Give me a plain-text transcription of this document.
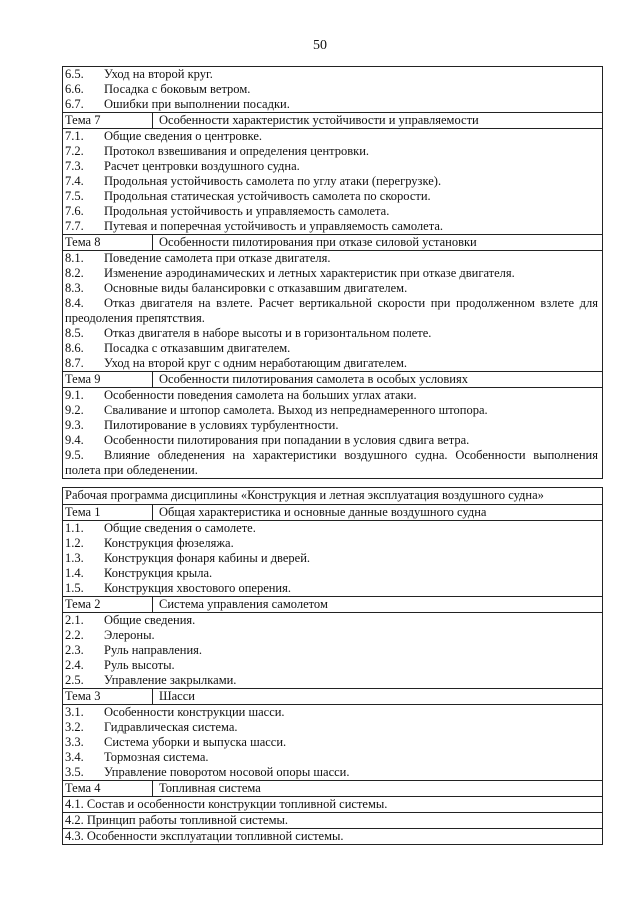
50
6.5. Уход на второй круг.
6.6. Посадка с боковым ветром.
6.7. Ошибки при выполнении посадки.
Тема 7	Особенности характеристик устойчивости и управляемости
7.1. Общие сведения о центровке.
7.2. Протокол взвешивания и определения центровки.
7.3. Расчет центровки воздушного судна.
7.4. Продольная устойчивость самолета по углу атаки (перегрузке).
7.5. Продольная статическая устойчивость самолета по скорости.
7.6. Продольная устойчивость и управляемость самолета.
7.7. Путевая и поперечная устойчивость и управляемость самолета.
Тема 8	Особенности пилотирования при отказе силовой установки
8.1. Поведение самолета при отказе двигателя.
8.2. Изменение аэродинамических и летных характеристик при отказе двигателя.
8.3. Основные виды балансировки с отказавшим двигателем.
8.4. Отказ двигателя на взлете. Расчет вертикальной скорости при продолженном взлете для преодоления препятствия.
8.5. Отказ двигателя в наборе высоты и в горизонтальном полете.
8.6. Посадка с отказавшим двигателем.
8.7. Уход на второй круг с одним неработающим двигателем.
Тема 9	Особенности пилотирования самолета в особых условиях
9.1. Особенности поведения самолета на больших углах атаки.
9.2. Сваливание и штопор самолета. Выход из непреднамеренного штопора.
9.3. Пилотирование в условиях турбулентности.
9.4. Особенности пилотирования при попадании в условия сдвига ветра.
9.5. Влияние обледенения на характеристики воздушного судна. Особенности выполнения полета при обледенении.
Рабочая программа дисциплины «Конструкция и летная эксплуатация воздушного судна»
Тема 1	Общая характеристика и основные данные воздушного судна
1.1. Общие сведения о самолете.
1.2. Конструкция фюзеляжа.
1.3. Конструкция фонаря кабины и дверей.
1.4. Конструкция крыла.
1.5. Конструкция хвостового оперения.
Тема 2	Система управления самолетом
2.1. Общие сведения.
2.2. Элероны.
2.3. Руль направления.
2.4. Руль высоты.
2.5. Управление закрылками.
Тема 3	Шасси
3.1. Особенности конструкции шасси.
3.2. Гидравлическая система.
3.3. Система уборки и выпуска шасси.
3.4. Тормозная система.
3.5. Управление поворотом носовой опоры шасси.
Тема 4	Топливная система
4.1. Состав и особенности конструкции топливной системы.
4.2. Принцип работы топливной системы.
4.3. Особенности эксплуатации топливной системы.
